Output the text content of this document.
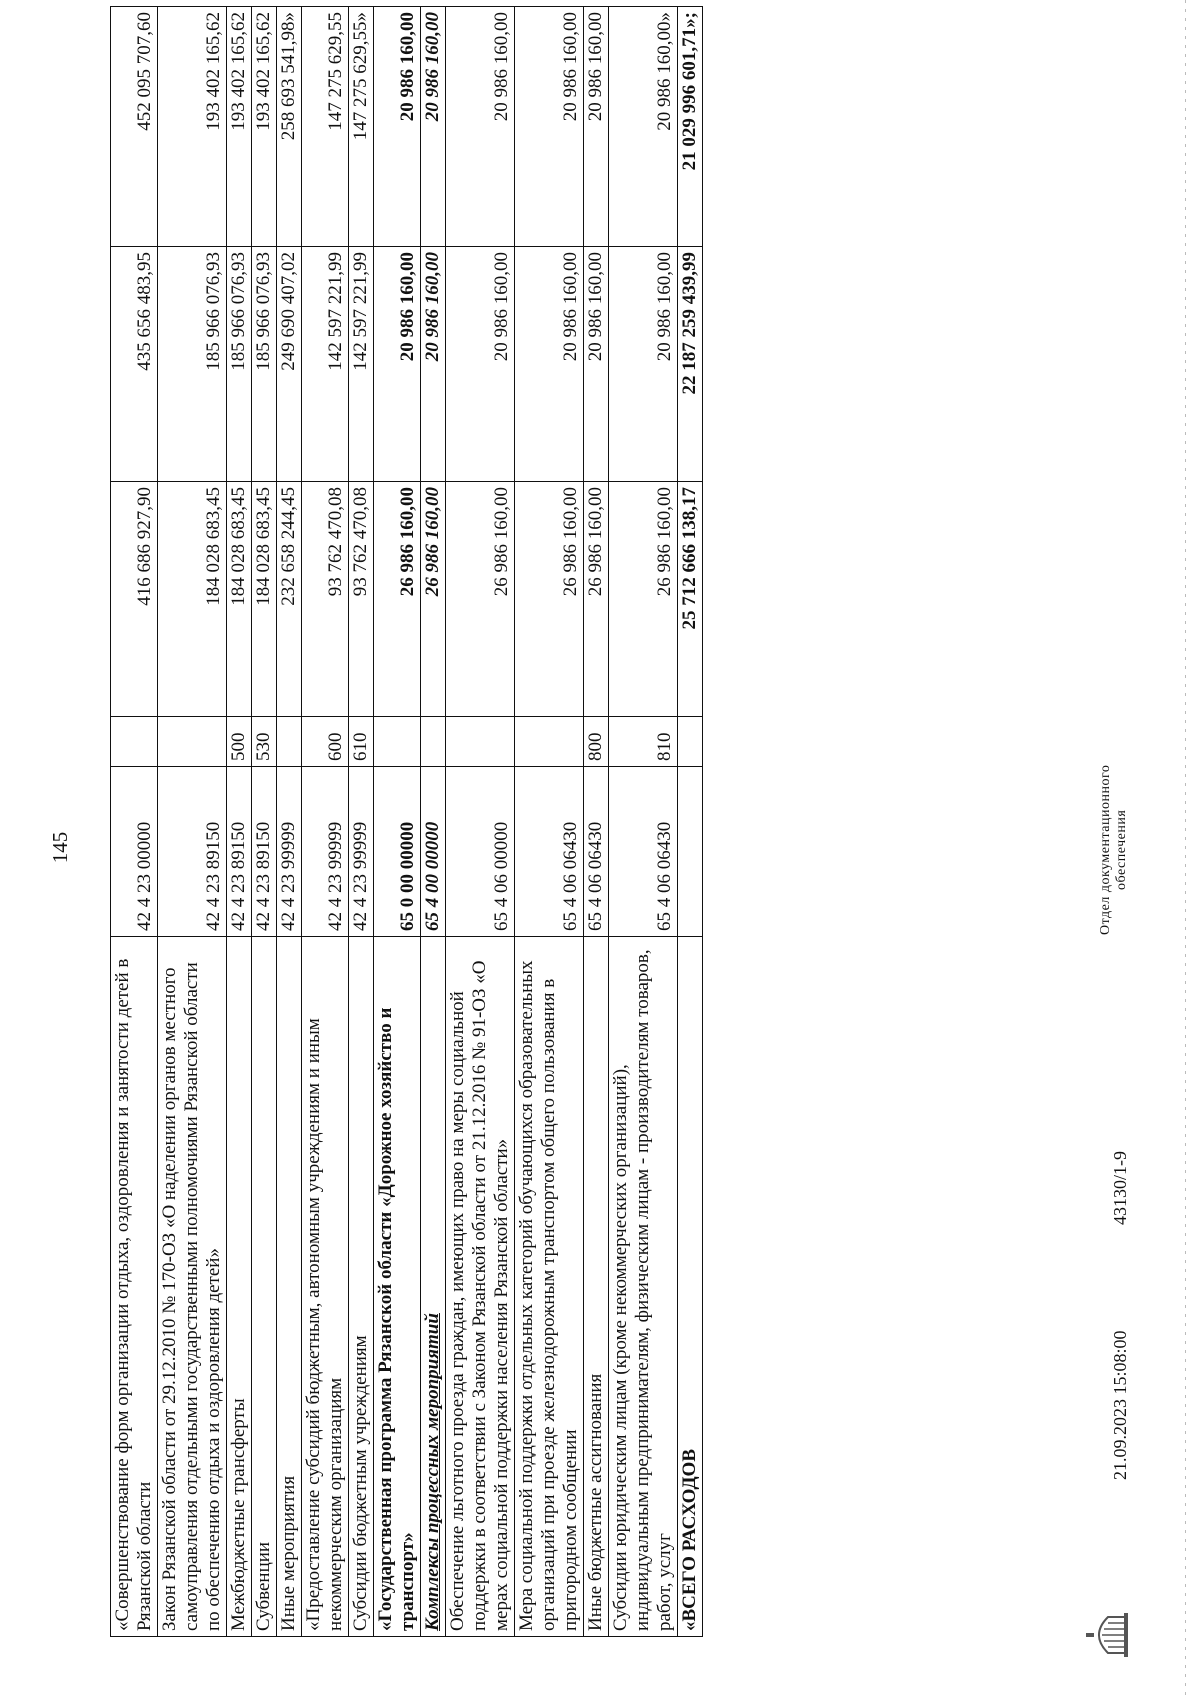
145
«Совершенствование форм организации отдыха, оздоровления и занятости детей в Рязанской области	42 4 23 00000		416 686 927,90	435 656 483,95	452 095 707,60
Закон Рязанской области от 29.12.2010 № 170-ОЗ «О наделении органов местного самоуправления отдельными государственными полномочиями Рязанской области по обеспечению отдыха и оздоровления детей»	42 4 23 89150		184 028 683,45	185 966 076,93	193 402 165,62
Межбюджетные трансферты	42 4 23 89150	500	184 028 683,45	185 966 076,93	193 402 165,62
Субвенции	42 4 23 89150	530	184 028 683,45	185 966 076,93	193 402 165,62
Иные мероприятия	42 4 23 99999		232 658 244,45	249 690 407,02	258 693 541,98»
«Предоставление субсидий бюджетным, автономным учреждениям и иным некоммерческим организациям	42 4 23 99999	600	93 762 470,08	142 597 221,99	147 275 629,55
Субсидии бюджетным учреждениям	42 4 23 99999	610	93 762 470,08	142 597 221,99	147 275 629,55»
«Государственная программа Рязанской области «Дорожное хозяйство и транспорт»	65 0 00 00000		26 986 160,00	20 986 160,00	20 986 160,00
Комплексы процессных мероприятий	65 4 00 00000		26 986 160,00	20 986 160,00	20 986 160,00
Обеспечение льготного проезда граждан, имеющих право на меры социальной поддержки в соответствии с Законом Рязанской области от 21.12.2016 № 91-ОЗ «О мерах социальной поддержки населения Рязанской области»	65 4 06 00000		26 986 160,00	20 986 160,00	20 986 160,00
Мера социальной поддержки отдельных категорий обучающихся образовательных организаций при проезде железнодорожным транспортом общего пользования в пригородном сообщении	65 4 06 06430		26 986 160,00	20 986 160,00	20 986 160,00
Иные бюджетные ассигнования	65 4 06 06430	800	26 986 160,00	20 986 160,00	20 986 160,00
Субсидии юридическим лицам (кроме некоммерческих организаций), индивидуальным предпринимателям, физическим лицам - производителям товаров, работ, услуг	65 4 06 06430	810	26 986 160,00	20 986 160,00	20 986 160,00»
«ВСЕГО РАСХОДОВ			25 712 666 138,17	22 187 259 439,99	21 029 996 601,71»;
21.09.2023 15:08:00
43130/1-9
Отдел документационного обеспечения
